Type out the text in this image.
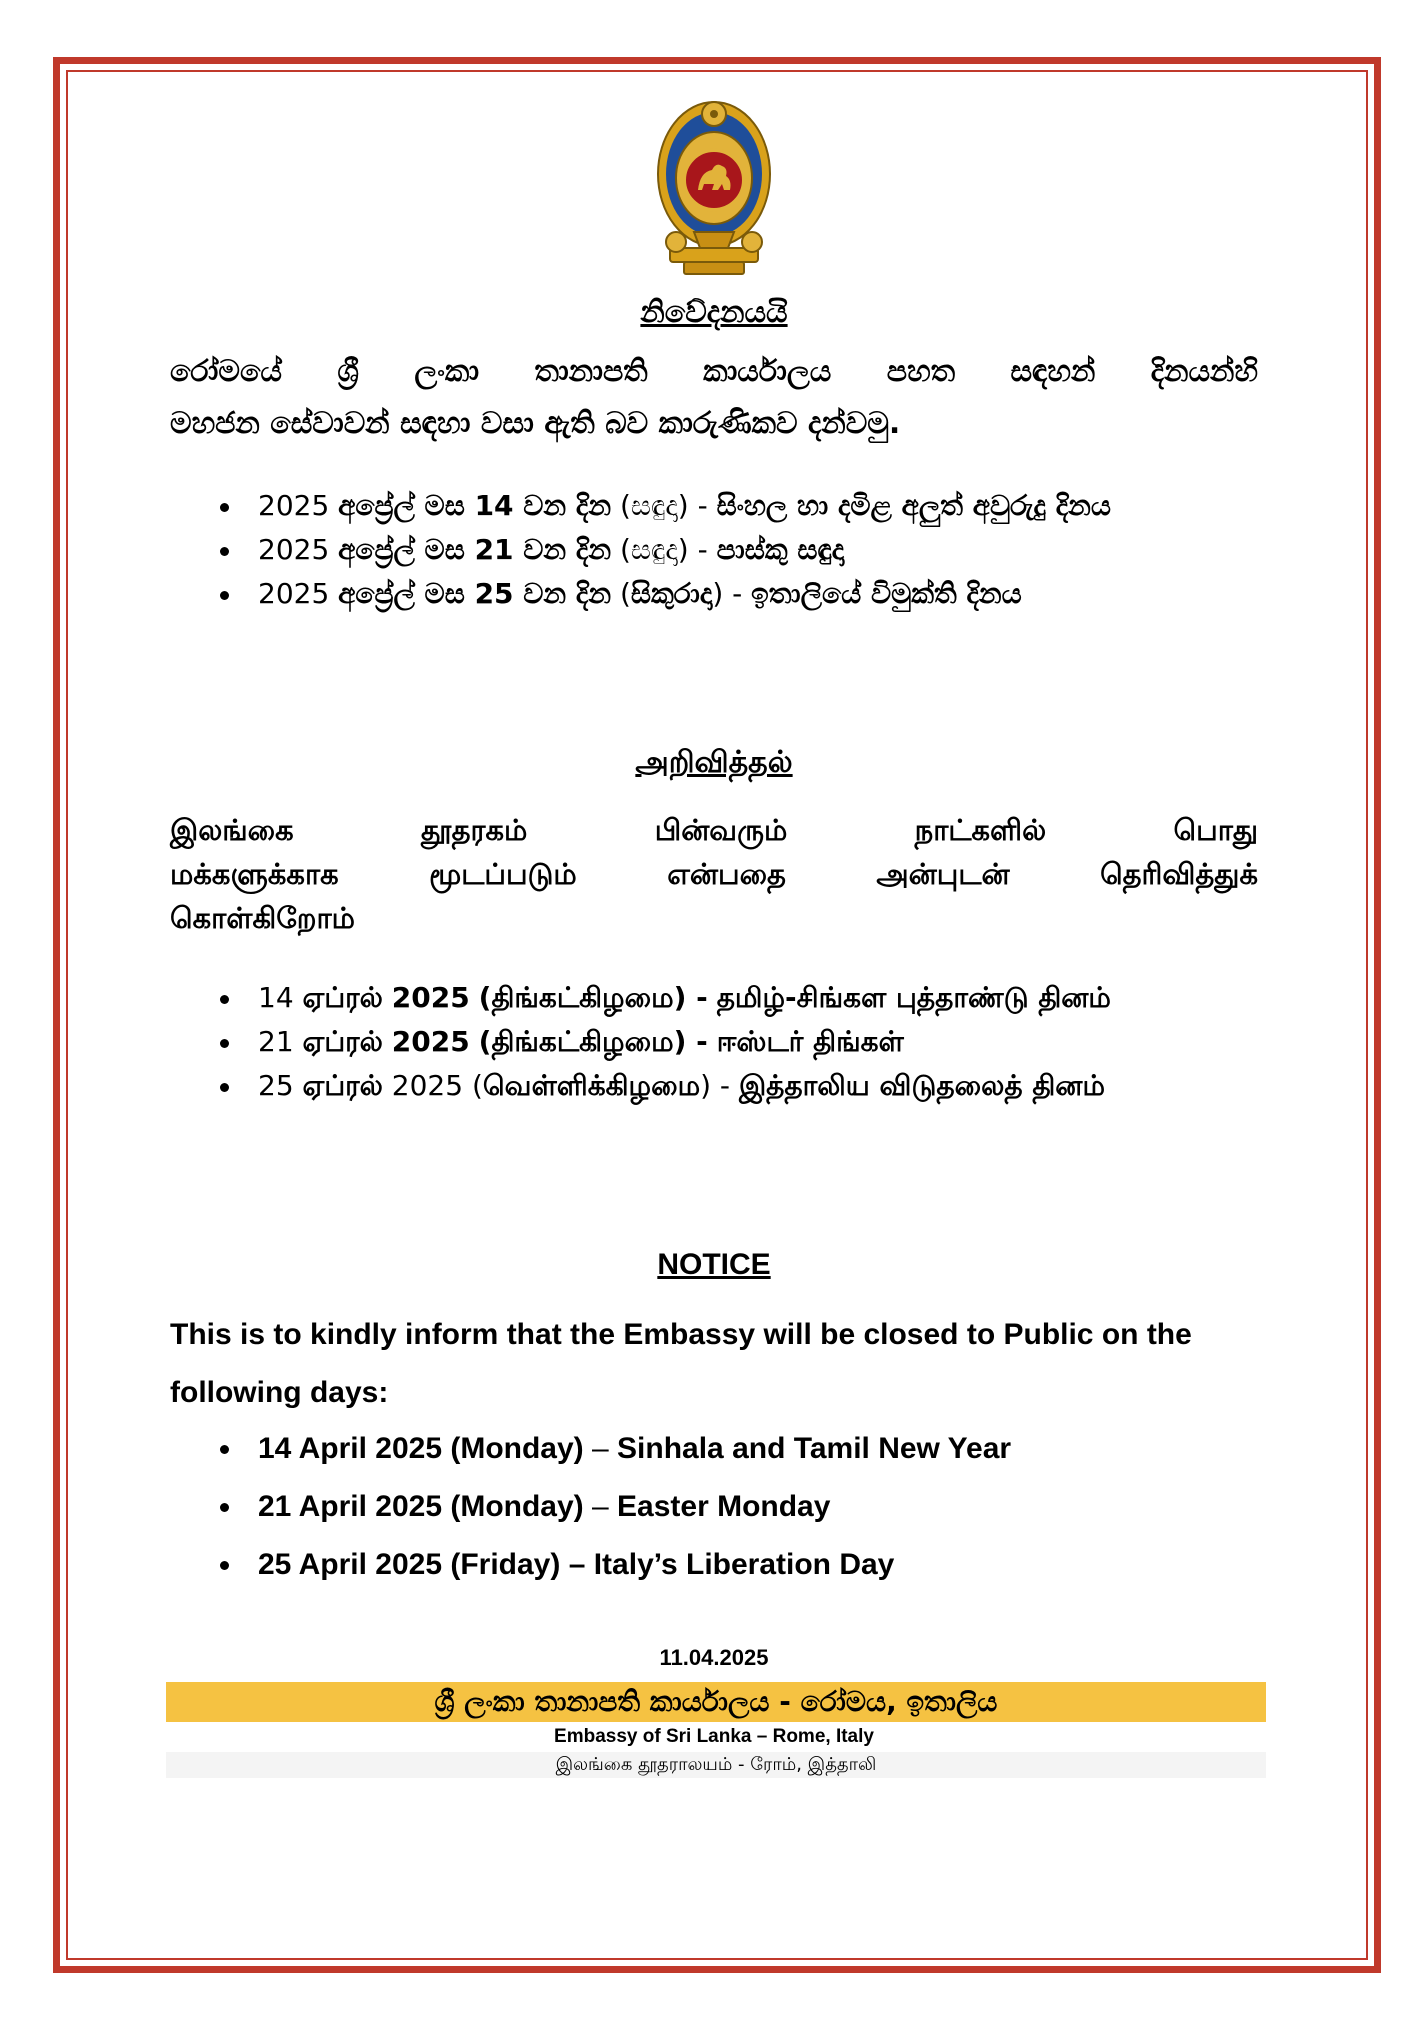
නිවේදනයයි
රෝමයේ ශ්‍රී ලංකා තානාපති කාර්යාලය පහත සඳහන් දිනයන්හි
මහජන සේවාවන් සඳහා වසා ඇති බව කාරුණිකව දන්වමු.
2025 අප්‍රේල් මස 14 වන දින (සඳුදා) - සිංහල හා දමිළ අලුත් අවුරුදු දිනය
2025 අප්‍රේල් මස 21 වන දින (සඳුදා) - පාස්කු සඳුදා
2025 අප්‍රේල් මස 25 වන දින (සිකුරාදා) - ඉතාලියේ විමුක්ති දිනය
அறிவித்தல்
இலங்கை தூதரகம் பின்வரும் நாட்களில் பொது
மக்களுக்காக மூடப்படும் என்பதை அன்புடன் தெரிவித்துக்
கொள்கிறோம்
14 ஏப்ரல் 2025 (திங்கட்கிழமை) - தமிழ்-சிங்கள புத்தாண்டு தினம்
21 ஏப்ரல் 2025 (திங்கட்கிழமை) - ஈஸ்டர் திங்கள்
25 ஏப்ரல் 2025 (வெள்ளிக்கிழமை) - இத்தாலிய விடுதலைத் தினம்
NOTICE
This is to kindly inform that the Embassy will be closed to Public on the following days:
14 April 2025 (Monday) – Sinhala and Tamil New Year
21 April 2025 (Monday) – Easter Monday
25 April 2025 (Friday) – Italy’s Liberation Day
11.04.2025
ශ්‍රී ලංකා තානාපති කාර්යාලය - රෝමය, ඉතාලිය
Embassy of Sri Lanka – Rome, Italy
இலங்கை தூதராலயம் - ரோம், இத்தாலி
